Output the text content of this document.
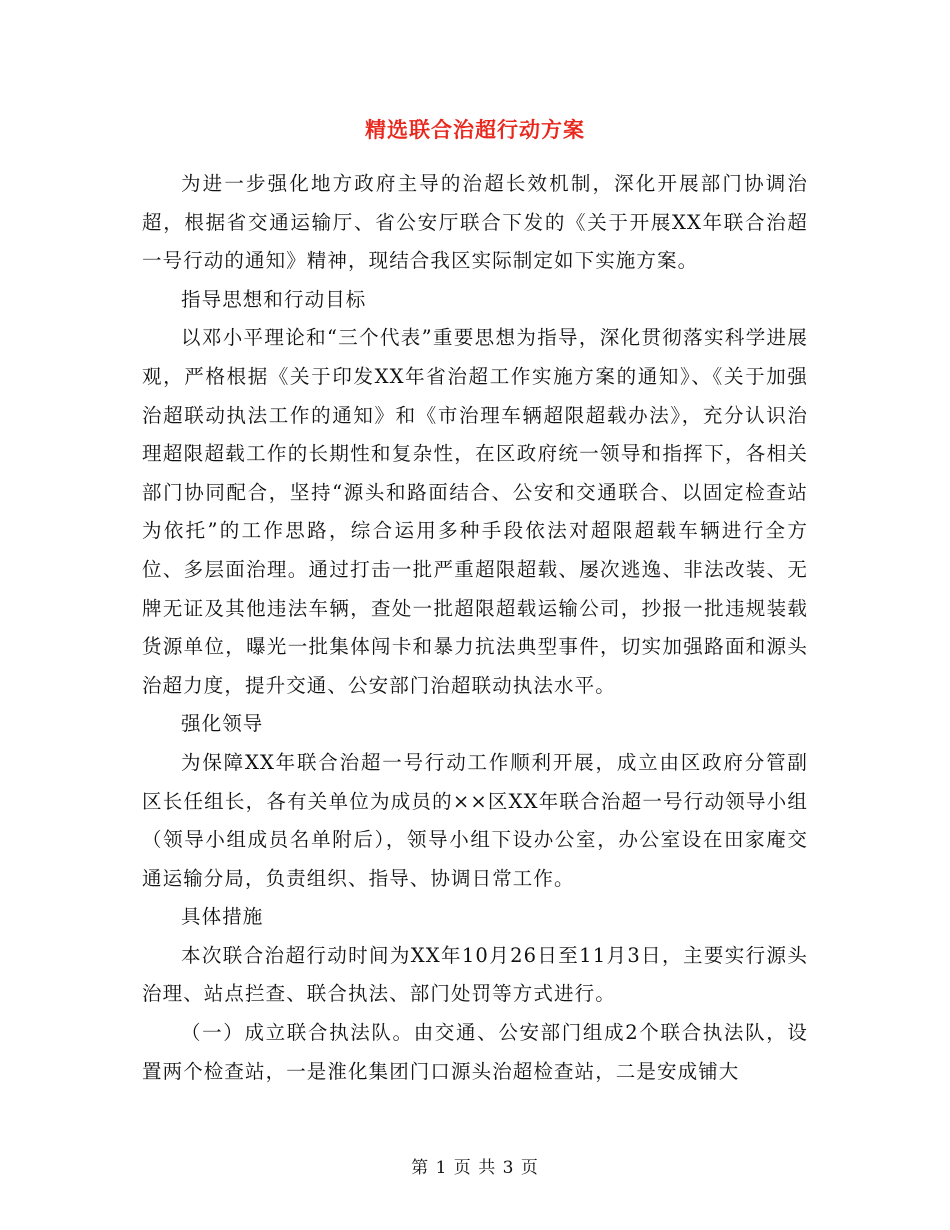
精选联合治超行动方案

为进一步强化地方政府主导的治超长效机制，深化开展部门协调治超，根据省交通运输厅、省公安厅联合下发的《关于开展XX年联合治超一号行动的通知》精神，现结合我区实际制定如下实施方案。

指导思想和行动目标

以邓小平理论和“三个代表”重要思想为指导，深化贯彻落实科学进展观，严格根据《关于印发XX年省治超工作实施方案的通知》、《关于加强治超联动执法工作的通知》和《市治理车辆超限超载办法》，充分认识治理超限超载工作的长期性和复杂性，在区政府统一领导和指挥下，各相关部门协同配合，坚持“源头和路面结合、公安和交通联合、以固定检查站为依托”的工作思路，综合运用多种手段依法对超限超载车辆进行全方位、多层面治理。通过打击一批严重超限超载、屡次逃逸、非法改装、无牌无证及其他违法车辆，查处一批超限超载运输公司，抄报一批违规装载货源单位，曝光一批集体闯卡和暴力抗法典型事件，切实加强路面和源头治超力度，提升交通、公安部门治超联动执法水平。

强化领导

为保障XX年联合治超一号行动工作顺利开展，成立由区政府分管副区长任组长，各有关单位为成员的××区XX年联合治超一号行动领导小组（领导小组成员名单附后），领导小组下设办公室，办公室设在田家庵交通运输分局，负责组织、指导、协调日常工作。

具体措施

本次联合治超行动时间为XX年10月26日至11月3日，主要实行源头治理、站点拦查、联合执法、部门处罚等方式进行。

（一）成立联合执法队。由交通、公安部门组成2个联合执法队，设置两个检查站，一是淮化集团门口源头治超检查站，二是安成铺大

第 1 页 共 3 页
